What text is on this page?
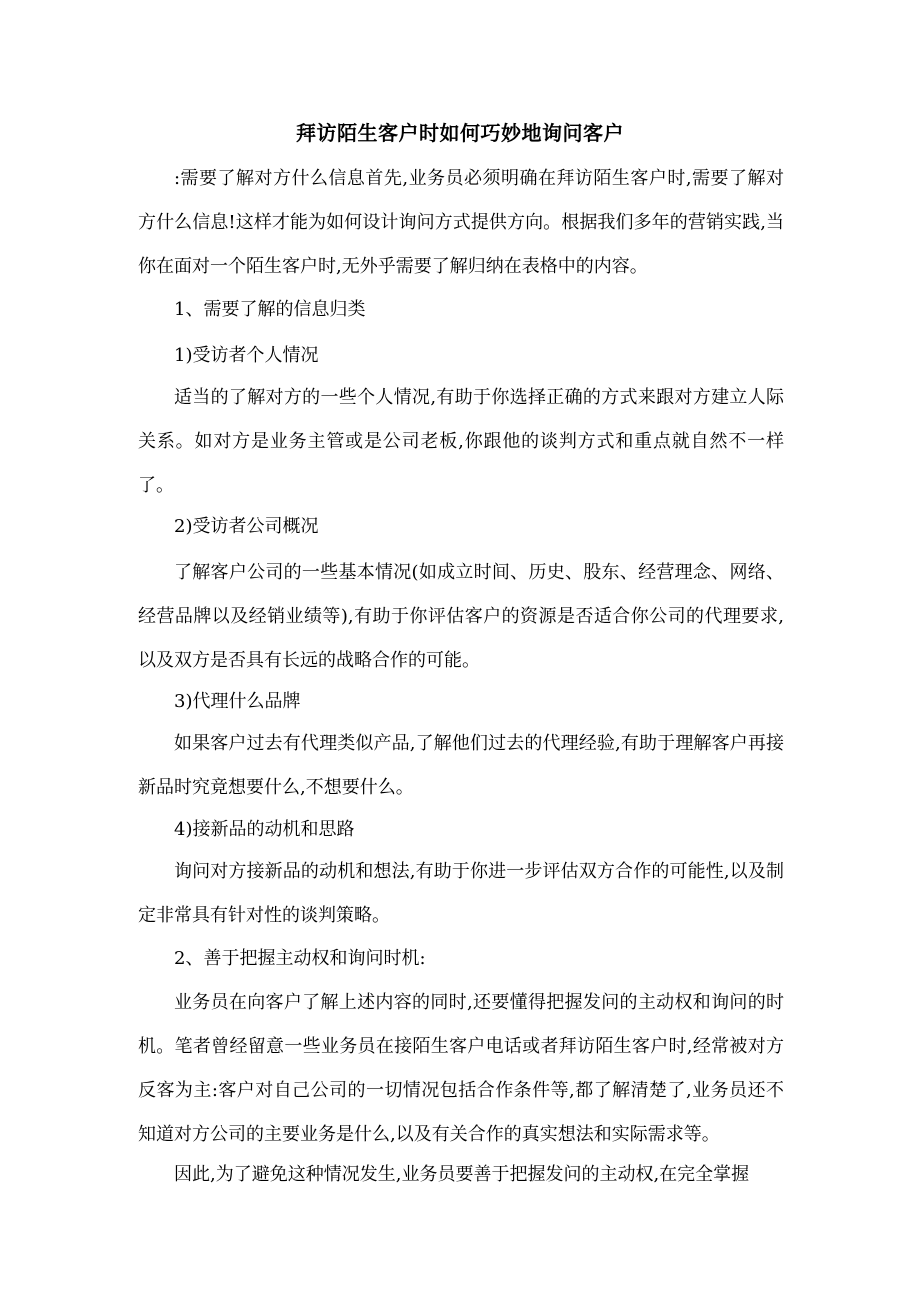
拜访陌生客户时如何巧妙地询问客户

:需要了解对方什么信息首先,业务员必须明确在拜访陌生客户时,需要了解对方什么信息!这样才能为如何设计询问方式提供方向。根据我们多年的营销实践,当你在面对一个陌生客户时,无外乎需要了解归纳在表格中的内容。

1、需要了解的信息归类

1)受访者个人情况

适当的了解对方的一些个人情况,有助于你选择正确的方式来跟对方建立人际关系。如对方是业务主管或是公司老板,你跟他的谈判方式和重点就自然不一样了。

2)受访者公司概况

了解客户公司的一些基本情况(如成立时间、历史、股东、经营理念、网络、经营品牌以及经销业绩等),有助于你评估客户的资源是否适合你公司的代理要求,以及双方是否具有长远的战略合作的可能。

3)代理什么品牌

如果客户过去有代理类似产品,了解他们过去的代理经验,有助于理解客户再接新品时究竟想要什么,不想要什么。

4)接新品的动机和思路

询问对方接新品的动机和想法,有助于你进一步评估双方合作的可能性,以及制定非常具有针对性的谈判策略。

2、善于把握主动权和询问时机:

业务员在向客户了解上述内容的同时,还要懂得把握发问的主动权和询问的时机。笔者曾经留意一些业务员在接陌生客户电话或者拜访陌生客户时,经常被对方反客为主:客户对自己公司的一切情况包括合作条件等,都了解清楚了,业务员还不知道对方公司的主要业务是什么,以及有关合作的真实想法和实际需求等。

因此,为了避免这种情况发生,业务员要善于把握发问的主动权,在完全掌握
